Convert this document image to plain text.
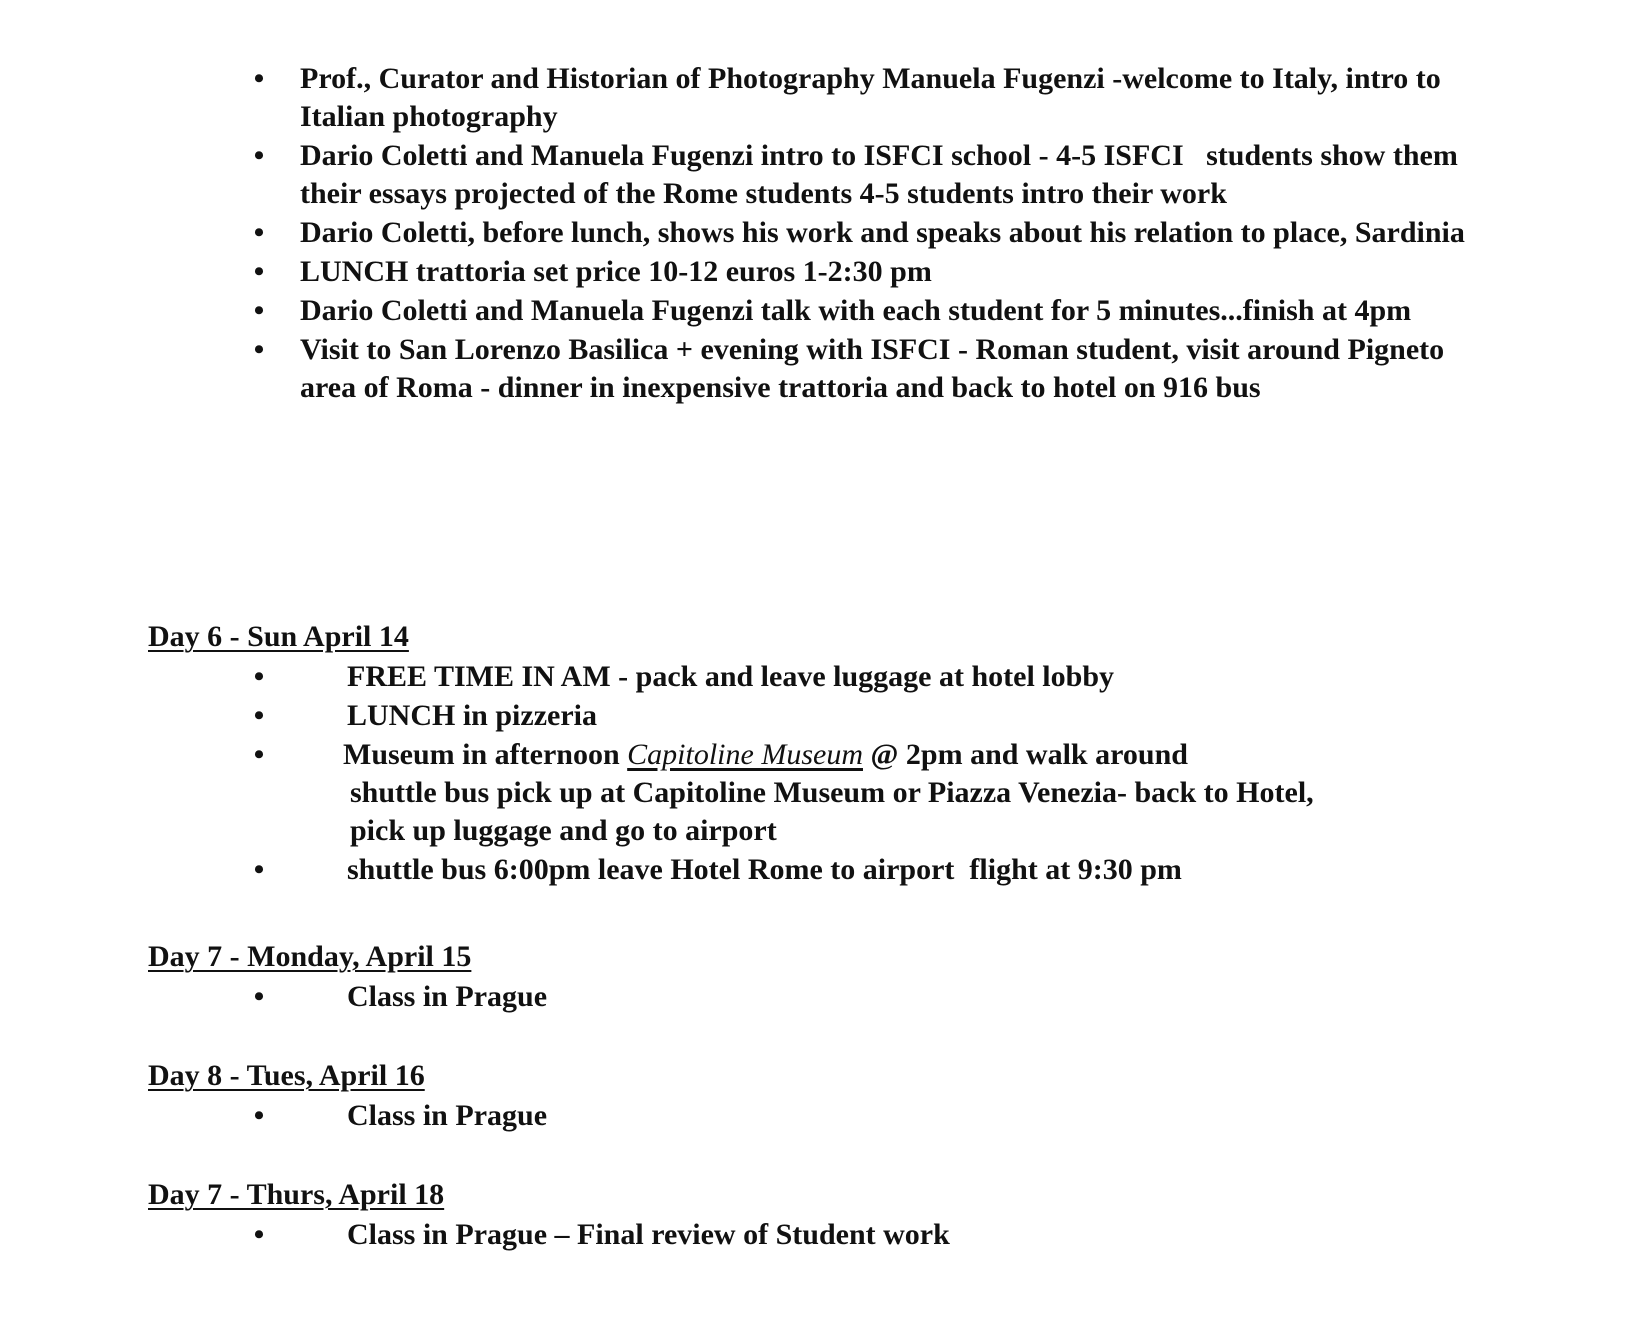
• Prof., Curator and Historian of Photography Manuela Fugenzi -welcome to Italy, intro to Italian photography
• Dario Coletti and Manuela Fugenzi intro to ISFCI school - 4-5 ISFCI   students show them their essays projected of the Rome students 4-5 students intro their work
• Dario Coletti, before lunch, shows his work and speaks about his relation to place, Sardinia
• LUNCH trattoria set price 10-12 euros 1-2:30 pm
• Dario Coletti and Manuela Fugenzi talk with each student for 5 minutes...finish at 4pm
• Visit to San Lorenzo Basilica + evening with ISFCI - Roman student, visit around Pigneto area of Roma - dinner in inexpensive trattoria and back to hotel on 916 bus
Day 6 - Sun April 14
•	FREE TIME IN AM - pack and leave luggage at hotel lobby
•	LUNCH in pizzeria
•	Museum in afternoon Capitoline Museum @ 2pm and walk around
shuttle bus pick up at Capitoline Museum or Piazza Venezia- back to Hotel,
pick up luggage and go to airport
•	shuttle bus 6:00pm leave Hotel Rome to airport  flight at 9:30 pm
Day 7 - Monday, April 15
•	Class in Prague
Day 8 - Tues, April 16
•	Class in Prague
Day 7 - Thurs, April 18
•	Class in Prague – Final review of Student work
